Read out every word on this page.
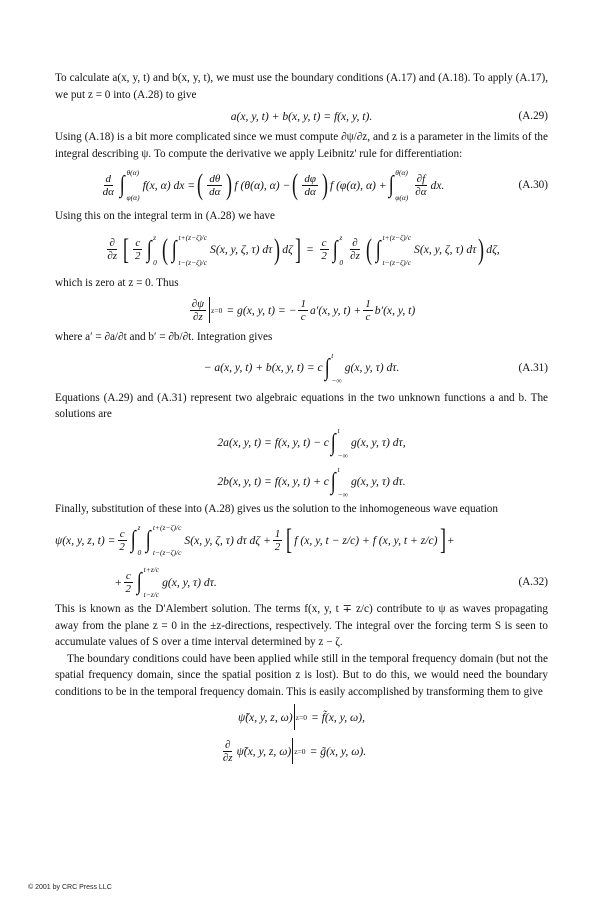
To calculate a(x, y, t) and b(x, y, t), we must use the boundary conditions (A.17) and (A.18). To apply (A.17), we put z = 0 into (A.28) to give

a(x, y, t) + b(x, y, t) = f(x, y, t).	(A.29)

Using (A.18) is a bit more complicated since we must compute ∂ψ/∂z, and z is a parameter in the limits of the integral describing ψ. To compute the derivative we apply Leibnitz' rule for differentiation:

$\frac{d}{d\alpha}$ ∫ θ(α)
φ(α)
f(x, α) dx = ( $\frac{d\theta}{d\alpha}$ ) f (θ(α), α) − ( $\frac{d\varphi}{d\alpha}$ ) f (φ(α), α) + ∫ θ(α)
$\varphi(\alpha) \frac{\partial f}{\partial\alpha}$ dx.	(A.30)

Using this on the integral term in (A.28) we have

$\frac{\partial}{\partial z}$ [ $\frac{c}{2}$ ∫ z
0 ( ∫ t+(z−ζ)/c
t−(z−ζ)/c
S(x, y, ζ, τ) dτ ) dζ ] = $\frac{c}{2}$ ∫ z
$0 \frac{\partial}{\partial z}$ ( ∫ t+(z−ζ)/c
t−(z−ζ)/c
S(x, y, ζ, τ) dτ ) dζ,

which is zero at z = 0. Thus

$\frac{\partial\psi}{\partial z} z=0 = g(x$, y, t) = − $\frac{1}{c} a'(x$, y, $t) + \frac{1}{c} b'(x$, y, t)

where a′ = ∂a/∂t and b′ = ∂b/∂t. Integration gives

− a(x, y, t) + b(x, y, t) = c ∫ t
−∞
g(x, y, τ) dτ.	(A.31)

Equations (A.29) and (A.31) represent two algebraic equations in the two unknown functions a and b. The solutions are

2a(x, y, t) = f(x, y, t) − c ∫ t
−∞
g(x, y, τ) dτ,
2b(x, y, t) = f(x, y, t) + c ∫ t
−∞
g(x, y, τ) dτ.

Finally, substitution of these into (A.28) gives us the solution to the inhomogeneous wave equation

ψ(x, y, z, $t) = \frac{c}{2}$ ∫ z
0 ∫ t+(z−ζ)/c
t−(z−ζ)/c
S(x, y, ζ, τ) dτ $d\zeta + \frac{1}{2}$ [ f (x, y, t − z/c) + f (x, y, t + z/c) ] +
+ $\frac{c}{2}$ ∫ t+z/c
t−z/c
g(x, y, τ) dτ.	(A.32)

This is known as the D'Alembert solution. The terms f(x, y, t ∓ z/c) contribute to ψ as waves propagating away from the plane z = 0 in the ±z-directions, respectively. The integral over the forcing term S is seen to accumulate values of S over a time interval determined by z − ζ.

The boundary conditions could have been applied while still in the temporal frequency domain (but not the spatial frequency domain, since the spatial position z is lost). But to do this, we would need the boundary conditions to be in the temporal frequency domain. This is easily accomplished by transforming them to give

ψ̃(x, y, z, ω) z=0 = f̃(x, y, ω),
$\frac{\partial}{\partial z}$ ψ̃(x, y, z, ω) z=0 = g̃(x, y, ω).
© 2001 by CRC Press LLC
